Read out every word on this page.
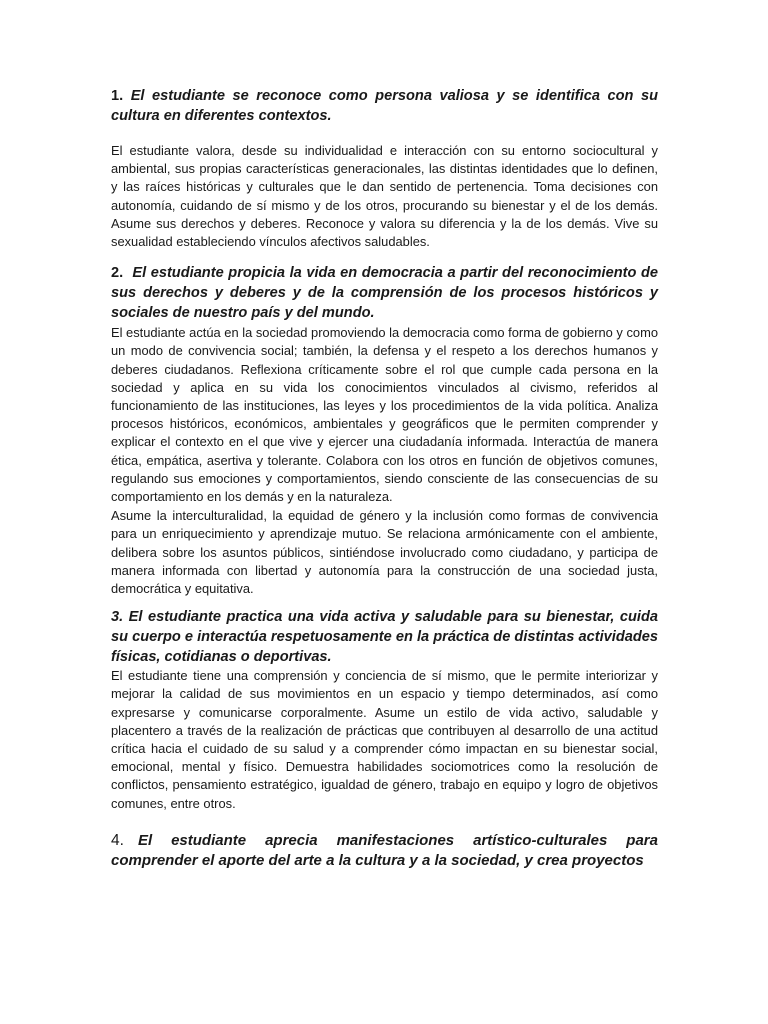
1. El estudiante se reconoce como persona valiosa y se identifica con su cultura en diferentes contextos.

El estudiante valora, desde su individualidad e interacción con su entorno sociocultural y ambiental, sus propias características generacionales, las distintas identidades que lo definen, y las raíces históricas y culturales que le dan sentido de pertenencia. Toma decisiones con autonomía, cuidando de sí mismo y de los otros, procurando su bienestar y el de los demás. Asume sus derechos y deberes. Reconoce y valora su diferencia y la de los demás. Vive su sexualidad estableciendo vínculos afectivos saludables.

2. El estudiante propicia la vida en democracia a partir del reconocimiento de sus derechos y deberes y de la comprensión de los procesos históricos y sociales de nuestro país y del mundo.

El estudiante actúa en la sociedad promoviendo la democracia como forma de gobierno y como un modo de convivencia social; también, la defensa y el respeto a los derechos humanos y deberes ciudadanos. Reflexiona críticamente sobre el rol que cumple cada persona en la sociedad y aplica en su vida los conocimientos vinculados al civismo, referidos al funcionamiento de las instituciones, las leyes y los procedimientos de la vida política. Analiza procesos históricos, económicos, ambientales y geográficos que le permiten comprender y explicar el contexto en el que vive y ejercer una ciudadanía informada. Interactúa de manera ética, empática, asertiva y tolerante. Colabora con los otros en función de objetivos comunes, regulando sus emociones y comportamientos, siendo consciente de las consecuencias de su comportamiento en los demás y en la naturaleza.

Asume la interculturalidad, la equidad de género y la inclusión como formas de convivencia para un enriquecimiento y aprendizaje mutuo. Se relaciona armónicamente con el ambiente, delibera sobre los asuntos públicos, sintiéndose involucrado como ciudadano, y participa de manera informada con libertad y autonomía para la construcción de una sociedad justa, democrática y equitativa.

3. El estudiante practica una vida activa y saludable para su bienestar, cuida su cuerpo e interactúa respetuosamente en la práctica de distintas actividades físicas, cotidianas o deportivas.

El estudiante tiene una comprensión y conciencia de sí mismo, que le permite interiorizar y mejorar la calidad de sus movimientos en un espacio y tiempo determinados, así como expresarse y comunicarse corporalmente. Asume un estilo de vida activo, saludable y placentero a través de la realización de prácticas que contribuyen al desarrollo de una actitud crítica hacia el cuidado de su salud y a comprender cómo impactan en su bienestar social, emocional, mental y físico. Demuestra habilidades sociomotrices como la resolución de conflictos, pensamiento estratégico, igualdad de género, trabajo en equipo y logro de objetivos comunes, entre otros.

4. El estudiante aprecia manifestaciones artístico-culturales para comprender el aporte del arte a la cultura y a la sociedad, y crea proyectos
